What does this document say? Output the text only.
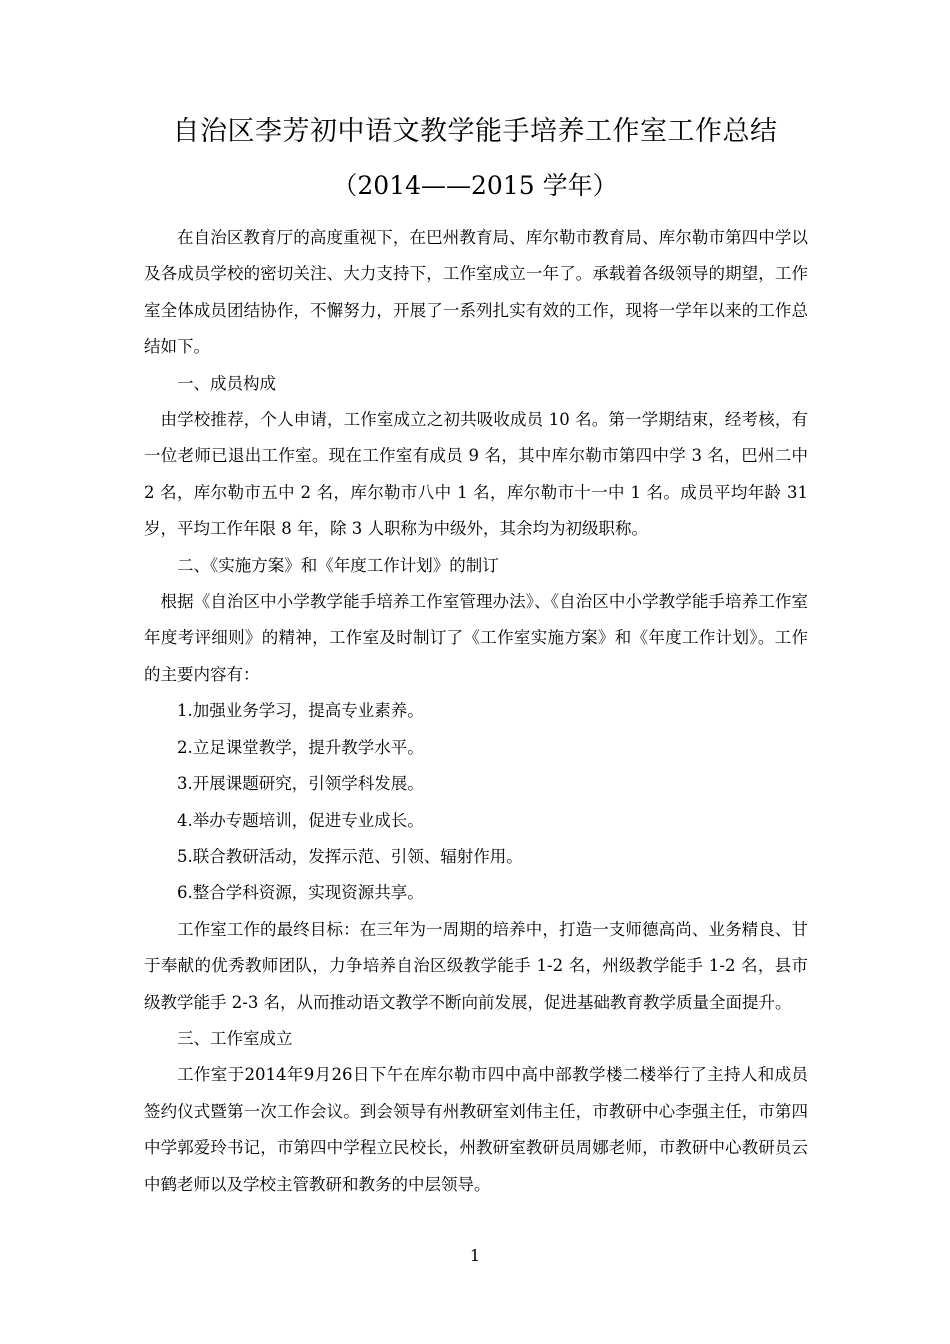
自治区李芳初中语文教学能手培养工作室工作总结
（2014——2015 学年）

在自治区教育厅的高度重视下，在巴州教育局、库尔勒市教育局、库尔勒市第四中学以及各成员学校的密切关注、大力支持下，工作室成立一年了。承载着各级领导的期望，工作室全体成员团结协作，不懈努力，开展了一系列扎实有效的工作，现将一学年以来的工作总结如下。

一、成员构成

由学校推荐，个人申请，工作室成立之初共吸收成员 10 名。第一学期结束，经考核，有一位老师已退出工作室。现在工作室有成员 9 名，其中库尔勒市第四中学 3 名，巴州二中 2 名，库尔勒市五中 2 名，库尔勒市八中 1 名，库尔勒市十一中 1 名。成员平均年龄 31 岁，平均工作年限 8 年，除 3 人职称为中级外，其余均为初级职称。

二、《实施方案》和《年度工作计划》的制订

根据《自治区中小学教学能手培养工作室管理办法》、《自治区中小学教学能手培养工作室年度考评细则》的精神，工作室及时制订了《工作室实施方案》和《年度工作计划》。工作的主要内容有：

1.加强业务学习，提高专业素养。

2.立足课堂教学，提升教学水平。

3.开展课题研究，引领学科发展。

4.举办专题培训，促进专业成长。

5.联合教研活动，发挥示范、引领、辐射作用。

6.整合学科资源，实现资源共享。

工作室工作的最终目标：在三年为一周期的培养中，打造一支师德高尚、业务精良、甘于奉献的优秀教师团队，力争培养自治区级教学能手 1-2 名，州级教学能手 1-2 名，县市级教学能手 2-3 名，从而推动语文教学不断向前发展，促进基础教育教学质量全面提升。

三、工作室成立

工作室于2014年9月26日下午在库尔勒市四中高中部教学楼二楼举行了主持人和成员签约仪式暨第一次工作会议。到会领导有州教研室刘伟主任，市教研中心李强主任，市第四中学郭爱玲书记，市第四中学程立民校长，州教研室教研员周娜老师，市教研中心教研员云中鹤老师以及学校主管教研和教务的中层领导。

1
